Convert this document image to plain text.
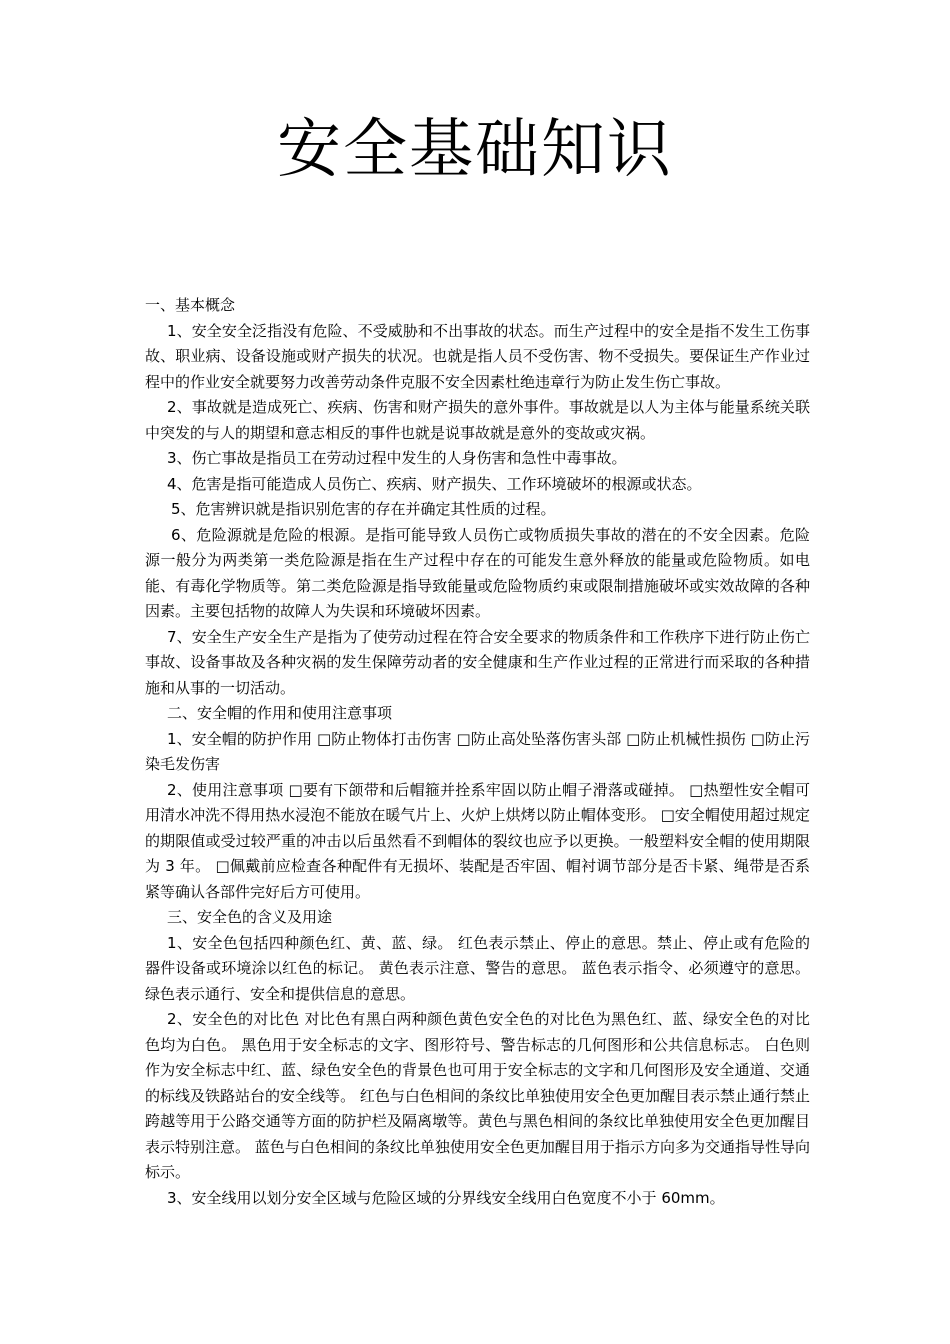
安全基础知识

一、基本概念

1、安全安全泛指没有危险、不受威胁和不出事故的状态。而生产过程中的安全是指不发生工伤事故、职业病、设备设施或财产损失的状况。也就是指人员不受伤害、物不受损失。要保证生产作业过程中的作业安全就要努力改善劳动条件克服不安全因素杜绝违章行为防止发生伤亡事故。

2、事故就是造成死亡、疾病、伤害和财产损失的意外事件。事故就是以人为主体与能量系统关联中突发的与人的期望和意志相反的事件也就是说事故就是意外的变故或灾祸。

3、伤亡事故是指员工在劳动过程中发生的人身伤害和急性中毒事故。

4、危害是指可能造成人员伤亡、疾病、财产损失、工作环境破坏的根源或状态。

5、危害辨识就是指识别危害的存在并确定其性质的过程。

6、危险源就是危险的根源。是指可能导致人员伤亡或物质损失事故的潜在的不安全因素。危险源一般分为两类第一类危险源是指在生产过程中存在的可能发生意外释放的能量或危险物质。如电能、有毒化学物质等。第二类危险源是指导致能量或危险物质约束或限制措施破坏或实效故障的各种因素。主要包括物的故障人为失误和环境破坏因素。

7、安全生产安全生产是指为了使劳动过程在符合安全要求的物质条件和工作秩序下进行防止伤亡事故、设备事故及各种灾祸的发生保障劳动者的安全健康和生产作业过程的正常进行而采取的各种措施和从事的一切活动。

二、安全帽的作用和使用注意事项

1、安全帽的防护作用 □防止物体打击伤害 □防止高处坠落伤害头部 □防止机械性损伤 □防止污染毛发伤害

2、使用注意事项 □要有下颌带和后帽箍并拴系牢固以防止帽子滑落或碰掉。 □热塑性安全帽可用清水冲洗不得用热水浸泡不能放在暖气片上、火炉上烘烤以防止帽体变形。 □安全帽使用超过规定的期限值或受过较严重的冲击以后虽然看不到帽体的裂纹也应予以更换。一般塑料安全帽的使用期限为 3 年。 □佩戴前应检查各种配件有无损坏、装配是否牢固、帽衬调节部分是否卡紧、绳带是否系紧等确认各部件完好后方可使用。

三、安全色的含义及用途

1、安全色包括四种颜色红、黄、蓝、绿。 红色表示禁止、停止的意思。禁止、停止或有危险的器件设备或环境涂以红色的标记。 黄色表示注意、警告的意思。 蓝色表示指令、必须遵守的意思。 绿色表示通行、安全和提供信息的意思。

2、安全色的对比色 对比色有黑白两种颜色黄色安全色的对比色为黑色红、蓝、绿安全色的对比色均为白色。 黑色用于安全标志的文字、图形符号、警告标志的几何图形和公共信息标志。 白色则作为安全标志中红、蓝、绿色安全色的背景色也可用于安全标志的文字和几何图形及安全通道、交通的标线及铁路站台的安全线等。 红色与白色相间的条纹比单独使用安全色更加醒目表示禁止通行禁止跨越等用于公路交通等方面的防护栏及隔离墩等。黄色与黑色相间的条纹比单独使用安全色更加醒目表示特别注意。 蓝色与白色相间的条纹比单独使用安全色更加醒目用于指示方向多为交通指导性导向标示。

3、安全线用以划分安全区域与危险区域的分界线安全线用白色宽度不小于 60mm。
